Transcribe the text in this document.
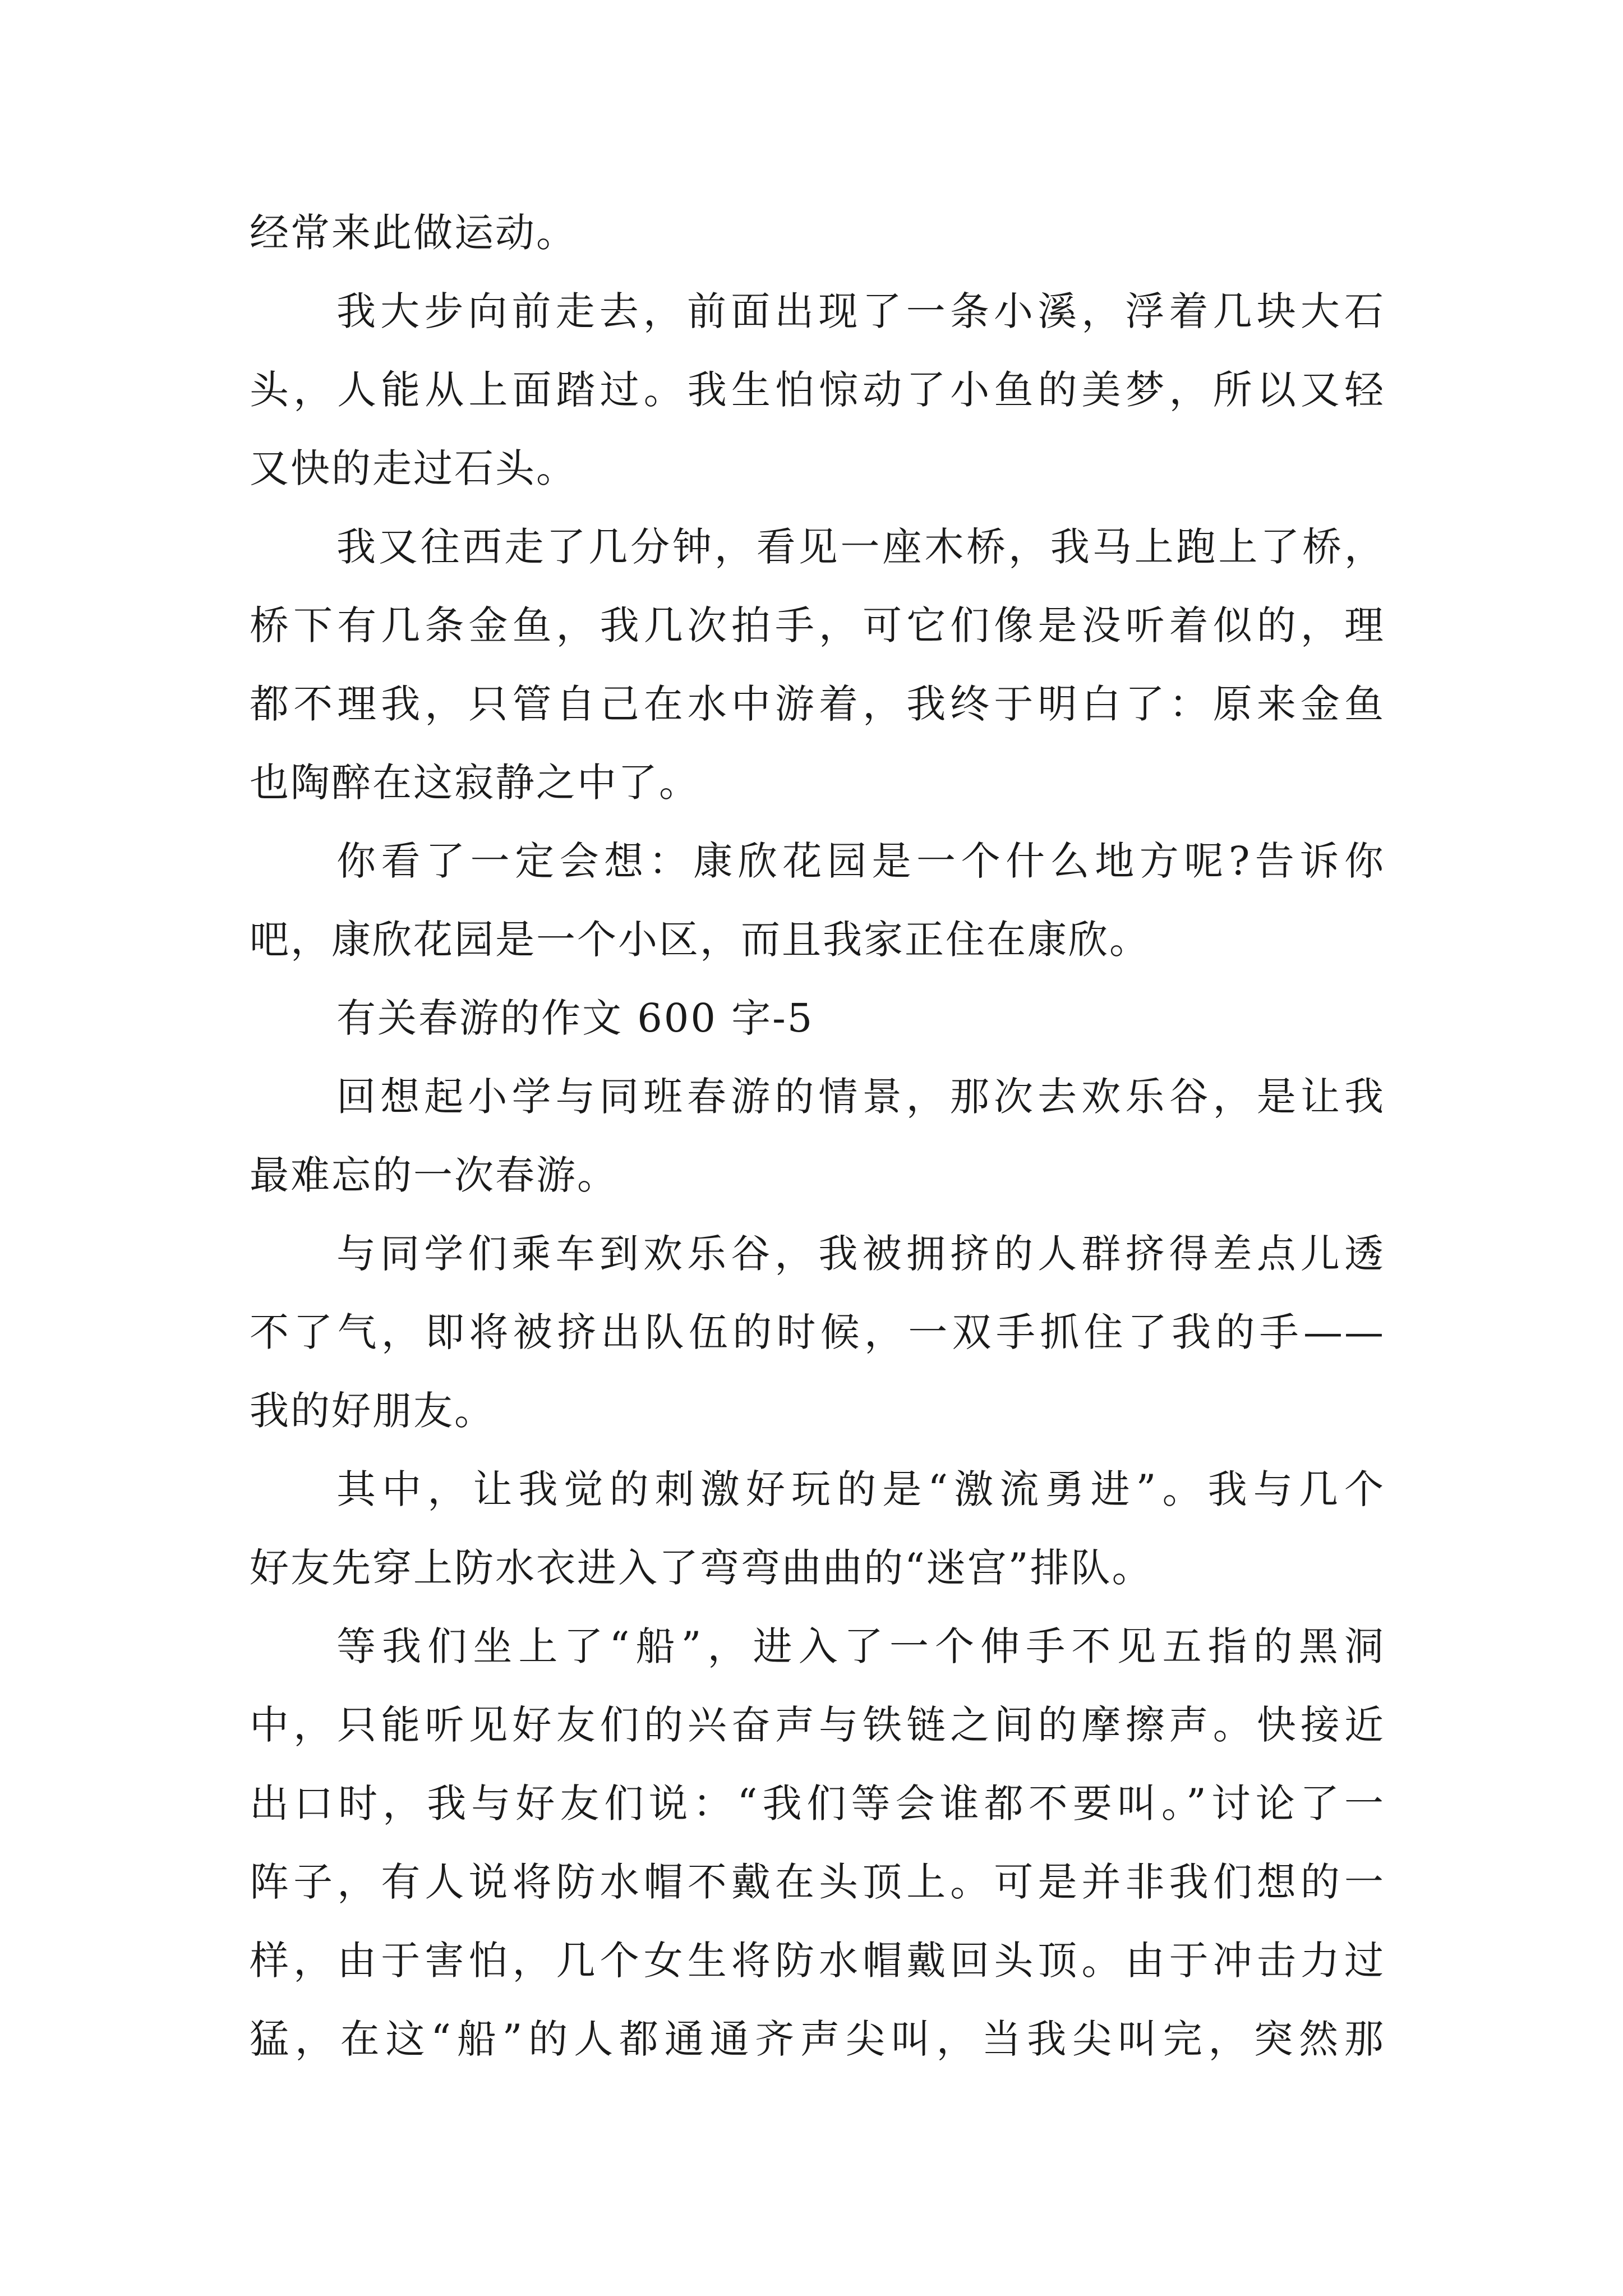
经常来此做运动。
我大步向前走去，前面出现了一条小溪，浮着几块大石
头，人能从上面踏过。我生怕惊动了小鱼的美梦，所以又轻
又快的走过石头。
我又往西走了几分钟，看见一座木桥，我马上跑上了桥，
桥下有几条金鱼，我几次拍手，可它们像是没听着似的，理
都不理我，只管自己在水中游着，我终于明白了：原来金鱼
也陶醉在这寂静之中了。
你看了一定会想：康欣花园是一个什么地方呢?告诉你
吧，康欣花园是一个小区，而且我家正住在康欣。
有关春游的作文 600 字-5
回想起小学与同班春游的情景，那次去欢乐谷，是让我
最难忘的一次春游。
与同学们乘车到欢乐谷，我被拥挤的人群挤得差点儿透
不了气，即将被挤出队伍的时候，一双手抓住了我的手——
我的好朋友。
其中，让我觉的刺激好玩的是“激流勇进”。我与几个
好友先穿上防水衣进入了弯弯曲曲的“迷宫”排队。
等我们坐上了“船”，进入了一个伸手不见五指的黑洞
中，只能听见好友们的兴奋声与铁链之间的摩擦声。快接近
出口时，我与好友们说：“我们等会谁都不要叫。”讨论了一
阵子，有人说将防水帽不戴在头顶上。可是并非我们想的一
样，由于害怕，几个女生将防水帽戴回头顶。由于冲击力过
猛，在这“船”的人都通通齐声尖叫，当我尖叫完，突然那
